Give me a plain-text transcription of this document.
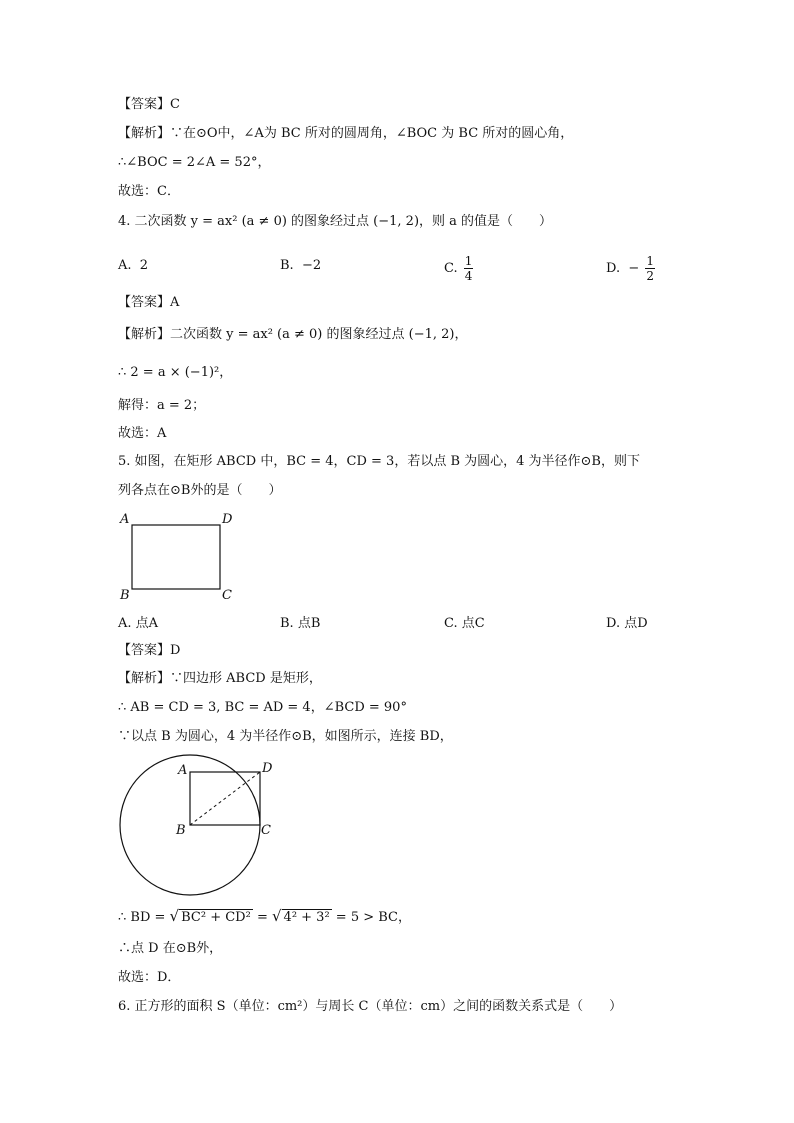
【答案】C
【解析】∵在⊙O中，∠A为 BC 所对的圆周角，∠BOC 为 BC 所对的圆心角，
∴∠BOC = 2∠A = 52°，
故选：C．
4. 二次函数 y = ax² (a ≠ 0) 的图象经过点 (−1, 2)，则 a 的值是（　　）
A. 2	B. −2	C. $\frac{1}{4}$	D. − $\frac{1}{2}$
【答案】A
【解析】二次函数 y = ax² (a ≠ 0) 的图象经过点 (−1, 2)，
∴ 2 = a × (−1)²，
解得：a = 2；
故选：A
5. 如图，在矩形 ABCD 中，BC = 4，CD = 3，若以点 B 为圆心，4 为半径作⊙B，则下
列各点在⊙B外的是（　　）
A	D
B	C
A. 点A	B. 点B	C. 点C	D. 点D
【答案】D
【解析】∵四边形 ABCD 是矩形，
∴ AB = CD = 3, BC = AD = 4，∠BCD = 90°
∵以点 B 为圆心，4 为半径作⊙B，如图所示，连接 BD，
A	D
B	C
∴ BD = √ BC² + CD² = √ 4² + 3² = 5 > BC，
∴点 D 在⊙B外，
故选：D．
6. 正方形的面积 S（单位：cm²）与周长 C（单位：cm）之间的函数关系式是（　　）
